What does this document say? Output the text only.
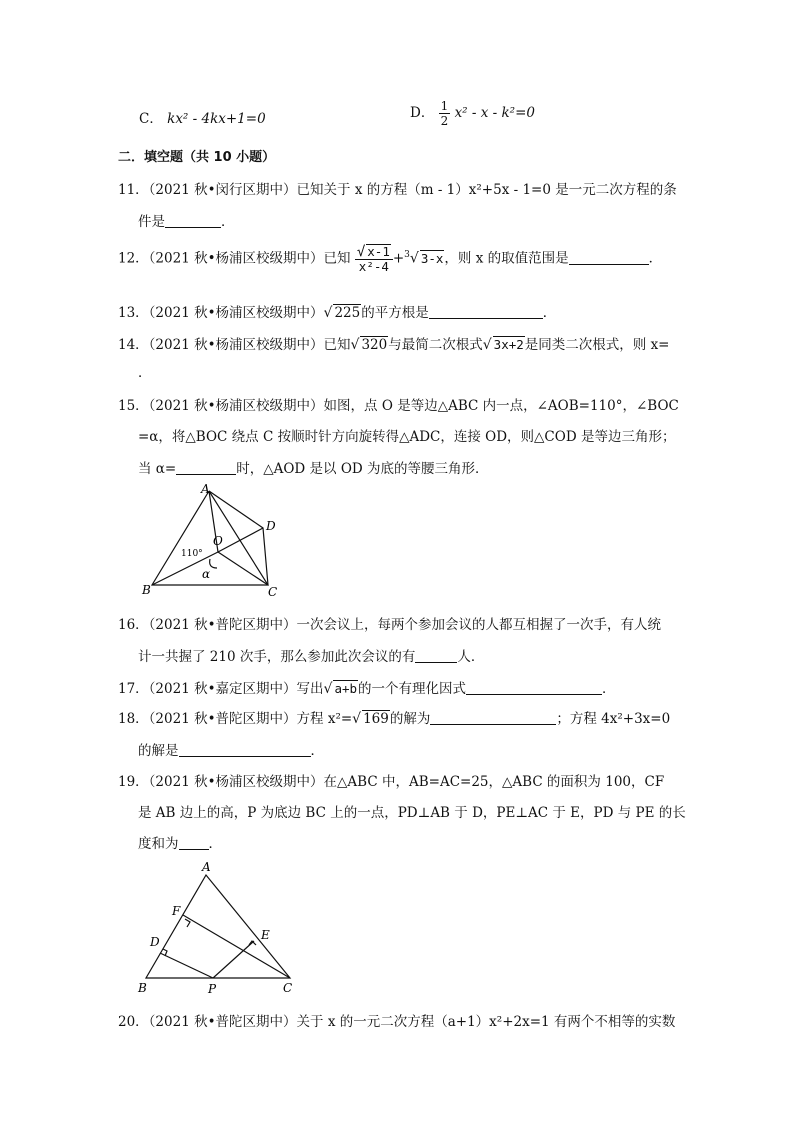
C． kx² - 4kx+1=0	D． $\frac{1}{2} x^2 - x - k^2=0$
二．填空题（共 10 小题）
11．（2021 秋•闵行区期中）已知关于 x 的方程（m - 1）x²+5x - 1=0 是一元二次方程的条
件是	．
12．（2021 秋•杨浦区校级期中）已知 $\frac{√ x-1}{\text{x²-4}} +^3√$ 3-x，则 x 的取值范围是	．
13．（2021 秋•杨浦区校级期中）√ 225的平方根是	．
14．（2021 秋•杨浦区校级期中）已知√ 320与最简二次根式√ 3x+2是同类二次根式，则 x=
．
15．（2021 秋•杨浦区校级期中）如图，点 O 是等边△ABC 内一点，∠AOB=110°，∠BOC
=α，将△BOC 绕点 C 按顺时针方向旋转得△ADC，连接 OD，则△COD 是等边三角形；
当 α=	时，△AOD 是以 OD 为底的等腰三角形．
A
B	C
D
O
α
110°
16．（2021 秋•普陀区期中）一次会议上，每两个参加会议的人都互相握了一次手，有人统
计一共握了 210 次手，那么参加此次会议的有	人．
17．（2021 秋•嘉定区期中）写出√ a+b的一个有理化因式	．
18．（2021 秋•普陀区期中）方程 x²=√ 169的解为	；方程 4x²+3x=0
的解是	．
19．（2021 秋•杨浦区校级期中）在△ABC 中，AB=AC=25，△ABC 的面积为 100，CF
是 AB 边上的高，P 为底边 BC 上的一点，PD⊥AB 于 D，PE⊥AC 于 E，PD 与 PE 的长
度和为 ．
A
B	C
D	E
F
P
20．（2021 秋•普陀区期中）关于 x 的一元二次方程（a+1）x²+2x=1 有两个不相等的实数
